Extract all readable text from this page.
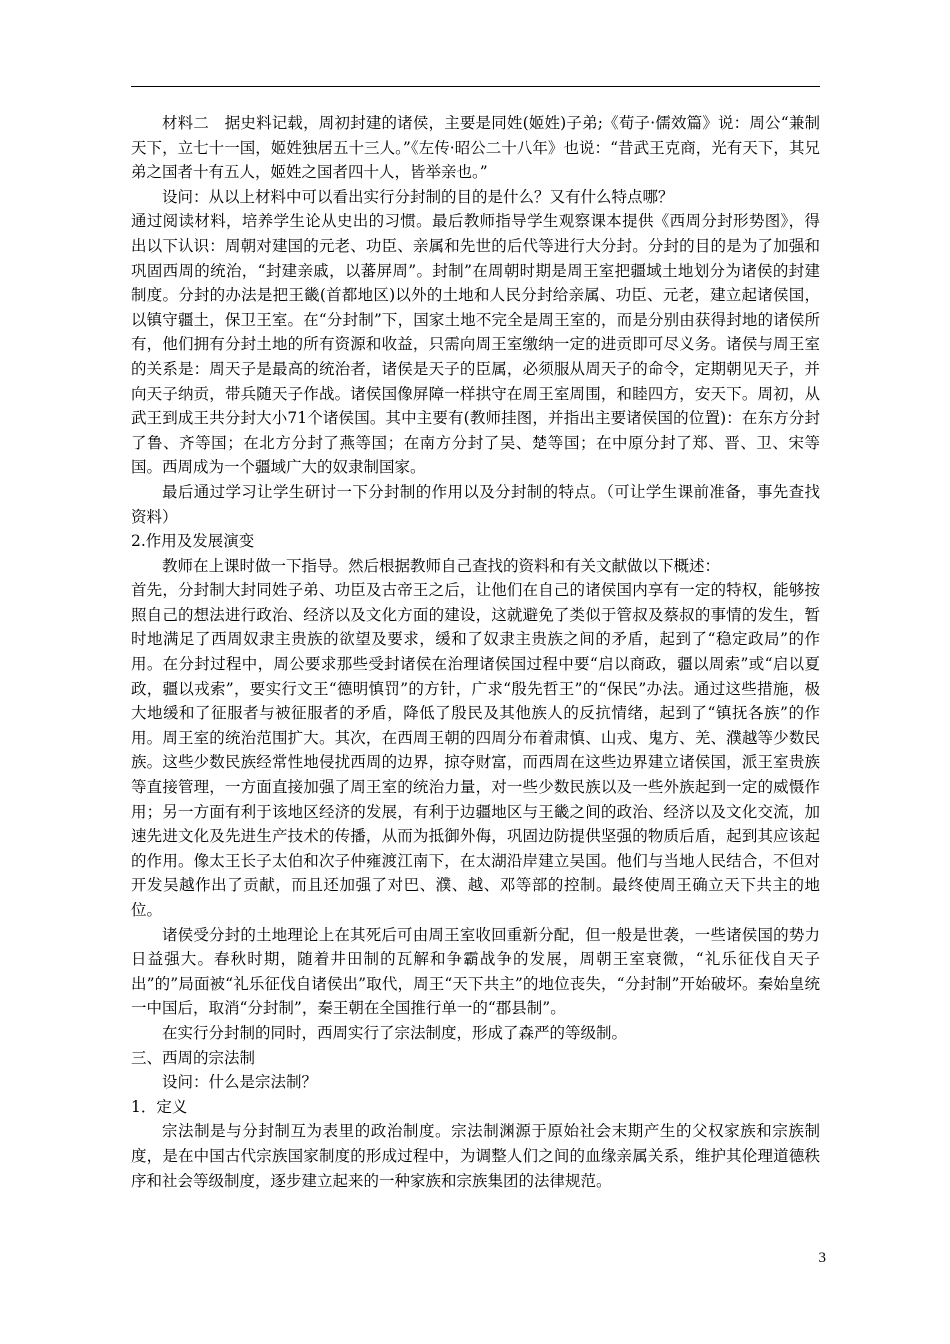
材料二　据史料记载，周初封建的诸侯，主要是同姓(姬姓)子弟;《荀子·儒效篇》说：周公“兼制天下，立七十一国，姬姓独居五十三人。”《左传·昭公二十八年》也说：“昔武王克商，光有天下，其兄弟之国者十有五人，姬姓之国者四十人，皆举亲也。”

设问：从以上材料中可以看出实行分封制的目的是什么？又有什么特点哪？

通过阅读材料，培养学生论从史出的习惯。最后教师指导学生观察课本提供《西周分封形势图》，得出以下认识：周朝对建国的元老、功臣、亲属和先世的后代等进行大分封。分封的目的是为了加强和巩固西周的统治，“封建亲戚，以蕃屏周”。封制”在周朝时期是周王室把疆域土地划分为诸侯的封建制度。分封的办法是把王畿(首都地区)以外的土地和人民分封给亲属、功臣、元老，建立起诸侯国，以镇守疆土，保卫王室。在“分封制”下，国家土地不完全是周王室的，而是分别由获得封地的诸侯所有，他们拥有分封土地的所有资源和收益，只需向周王室缴纳一定的进贡即可尽义务。诸侯与周王室的关系是：周天子是最高的统治者，诸侯是天子的臣属，必须服从周天子的命令，定期朝见天子，并向天子纳贡，带兵随天子作战。诸侯国像屏障一样拱守在周王室周围，和睦四方，安天下。周初，从武王到成王共分封大小71个诸侯国。其中主要有(教师挂图，并指出主要诸侯国的位置)：在东方分封了鲁、齐等国；在北方分封了燕等国；在南方分封了吴、楚等国；在中原分封了郑、晋、卫、宋等国。西周成为一个疆域广大的奴隶制国家。

最后通过学习让学生研讨一下分封制的作用以及分封制的特点。（可让学生课前准备，事先查找资料）

2.作用及发展演变

教师在上课时做一下指导。然后根据教师自己查找的资料和有关文献做以下概述：

首先，分封制大封同姓子弟、功臣及古帝王之后，让他们在自己的诸侯国内享有一定的特权，能够按照自己的想法进行政治、经济以及文化方面的建设，这就避免了类似于管叔及蔡叔的事情的发生，暂时地满足了西周奴隶主贵族的欲望及要求，缓和了奴隶主贵族之间的矛盾，起到了“稳定政局”的作用。在分封过程中，周公要求那些受封诸侯在治理诸侯国过程中要“启以商政，疆以周索”或“启以夏政，疆以戎索”，要实行文王“德明慎罚”的方针，广求“殷先哲王”的“保民”办法。通过这些措施，极大地缓和了征服者与被征服者的矛盾，降低了殷民及其他族人的反抗情绪，起到了“镇抚各族”的作用。周王室的统治范围扩大。其次，在西周王朝的四周分布着肃慎、山戎、鬼方、羌、濮越等少数民族。这些少数民族经常性地侵扰西周的边界，掠夺财富，而西周在这些边界建立诸侯国，派王室贵族等直接管理，一方面直接加强了周王室的统治力量，对一些少数民族以及一些外族起到一定的威慑作用；另一方面有利于该地区经济的发展，有利于边疆地区与王畿之间的政治、经济以及文化交流，加速先进文化及先进生产技术的传播，从而为抵御外侮，巩固边防提供坚强的物质后盾，起到其应该起的作用。像太王长子太伯和次子仲雍渡江南下，在太湖沿岸建立吴国。他们与当地人民结合，不但对开发吴越作出了贡献，而且还加强了对巴、濮、越、邓等部的控制。最终使周王确立天下共主的地位。

诸侯受分封的土地理论上在其死后可由周王室收回重新分配，但一般是世袭，一些诸侯国的势力日益强大。春秋时期，随着井田制的瓦解和争霸战争的发展，周朝王室衰微，“礼乐征伐自天子出”的”局面被“礼乐征伐自诸侯出”取代，周王“天下共主”的地位丧失，“分封制”开始破坏。秦始皇统一中国后，取消“分封制”，秦王朝在全国推行单一的“郡县制”。

在实行分封制的同时，西周实行了宗法制度，形成了森严的等级制。

三、西周的宗法制

设问：什么是宗法制？

1．定义

宗法制是与分封制互为表里的政治制度。宗法制渊源于原始社会末期产生的父权家族和宗族制度，是在中国古代宗族国家制度的形成过程中，为调整人们之间的血缘亲属关系，维护其伦理道德秩序和社会等级制度，逐步建立起来的一种家族和宗族集团的法律规范。

3
